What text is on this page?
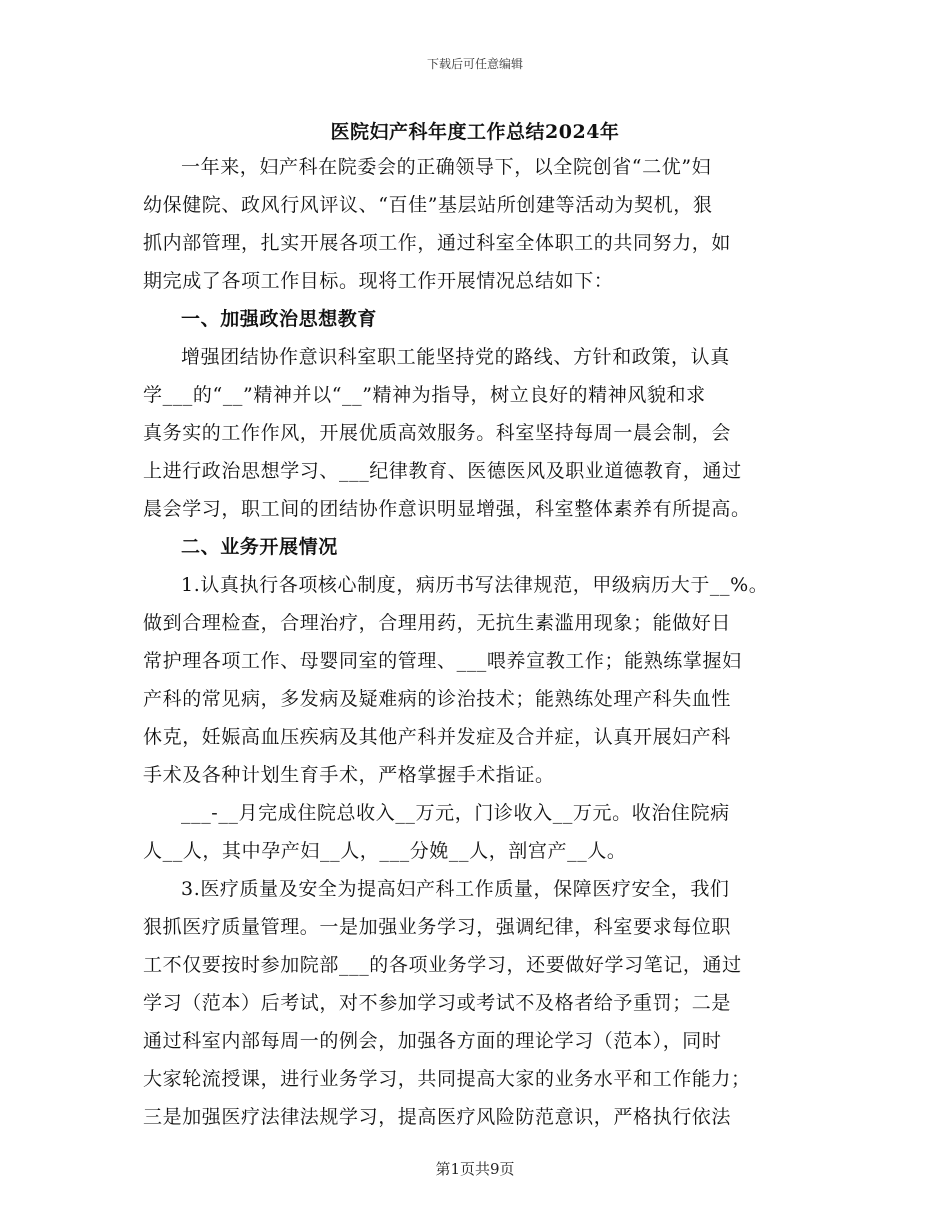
下载后可任意编辑
医院妇产科年度工作总结2024年
一年来，妇产科在院委会的正确领导下，以全院创省“二优”妇
幼保健院、政风行风评议、“百佳”基层站所创建等活动为契机，狠
抓内部管理，扎实开展各项工作，通过科室全体职工的共同努力，如
期完成了各项工作目标。现将工作开展情况总结如下：
一、加强政治思想教育
增强团结协作意识科室职工能坚持党的路线、方针和政策，认真
学___的“__”精神并以“__”精神为指导，树立良好的精神风貌和求
真务实的工作作风，开展优质高效服务。科室坚持每周一晨会制，会
上进行政治思想学习、___纪律教育、医德医风及职业道德教育，通过
晨会学习，职工间的团结协作意识明显增强，科室整体素养有所提高。
二、业务开展情况
1.认真执行各项核心制度，病历书写法律规范，甲级病历大于__%。
做到合理检查，合理治疗，合理用药，无抗生素滥用现象；能做好日
常护理各项工作、母婴同室的管理、___喂养宣教工作；能熟练掌握妇
产科的常见病，多发病及疑难病的诊治技术；能熟练处理产科失血性
休克，妊娠高血压疾病及其他产科并发症及合并症，认真开展妇产科
手术及各种计划生育手术，严格掌握手术指证。
___-__月完成住院总收入__万元，门诊收入__万元。收治住院病
人__人，其中孕产妇__人，___分娩__人，剖宫产__人。
3.医疗质量及安全为提高妇产科工作质量，保障医疗安全，我们
狠抓医疗质量管理。一是加强业务学习，强调纪律，科室要求每位职
工不仅要按时参加院部___的各项业务学习，还要做好学习笔记，通过
学习（范本）后考试，对不参加学习或考试不及格者给予重罚；二是
通过科室内部每周一的例会，加强各方面的理论学习（范本），同时
大家轮流授课，进行业务学习，共同提高大家的业务水平和工作能力；
三是加强医疗法律法规学习，提高医疗风险防范意识，严格执行依法
第1页共9页
